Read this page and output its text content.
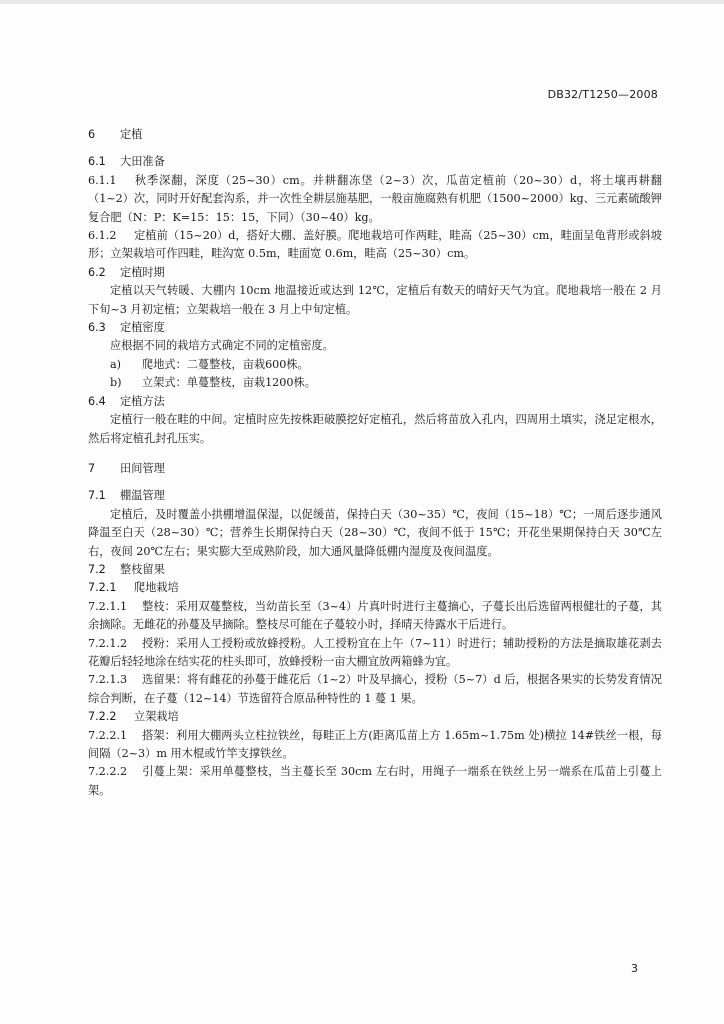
DB32/T1250—2008

6 定植

6.1 大田准备

6.1.1 秋季深翻，深度（25~30）cm。并耕翻冻垡（2~3）次，瓜苗定植前（20~30）d，将土壤再耕翻（1~2）次，同时开好配套沟系，并一次性全耕层施基肥，一般亩施腐熟有机肥（1500~2000）kg、三元素硫酸钾复合肥（N：P：K=15：15：15，下同）（30~40）kg。

6.1.2 定植前（15~20）d，搭好大棚、盖好膜。爬地栽培可作两畦，畦高（25~30）cm，畦面呈龟背形或斜坡形；立架栽培可作四畦，畦沟宽 0.5m，畦面宽 0.6m，畦高（25~30）cm。

6.2 定植时期

定植以天气转暖、大棚内 10cm 地温接近或达到 12℃，定植后有数天的晴好天气为宜。爬地栽培一般在 2 月下旬~3 月初定植；立架栽培一般在 3 月上中旬定植。

6.3 定植密度

应根据不同的栽培方式确定不同的定植密度。

a) 爬地式：二蔓整枝，亩栽600株。

b) 立架式：单蔓整枝，亩栽1200株。

6.4 定植方法

定植行一般在畦的中间。定植时应先按株距破膜挖好定植孔，然后将苗放入孔内，四周用土填实，浇足定根水，然后将定植孔封孔压实。

7 田间管理

7.1 棚温管理

定植后，及时覆盖小拱棚增温保湿，以促缓苗，保持白天（30~35）℃，夜间（15~18）℃；一周后逐步通风降温至白天（28~30）℃；营养生长期保持白天（28~30）℃，夜间不低于 15℃；开花坐果期保持白天 30℃左右，夜间 20℃左右；果实膨大至成熟阶段，加大通风量降低棚内湿度及夜间温度。

7.2 整枝留果

7.2.1 爬地栽培

7.2.1.1 整枝：采用双蔓整枝，当幼苗长至（3~4）片真叶时进行主蔓摘心，子蔓长出后选留两根健壮的子蔓，其余摘除。无雌花的孙蔓及早摘除。整枝尽可能在子蔓较小时，择晴天待露水干后进行。

7.2.1.2 授粉：采用人工授粉或放蜂授粉。人工授粉宜在上午（7~11）时进行；辅助授粉的方法是摘取雄花剥去花瓣后轻轻地涂在结实花的柱头即可，放蜂授粉一亩大棚宜放两箱蜂为宜。

7.2.1.3 选留果：将有雌花的孙蔓于雌花后（1~2）叶及早摘心，授粉（5~7）d 后，根据各果实的长势发育情况综合判断，在子蔓（12~14）节选留符合原品种特性的 1 蔓 1 果。

7.2.2 立架栽培

7.2.2.1 搭架：利用大棚两头立柱拉铁丝，每畦正上方(距离瓜苗上方 1.65m~1.75m 处)横拉 14#铁丝一根，每间隔（2~3）m 用木棍或竹竿支撑铁丝。

7.2.2.2 引蔓上架：采用单蔓整枝，当主蔓长至 30cm 左右时，用绳子一端系在铁丝上另一端系在瓜苗上引蔓上架。

3
